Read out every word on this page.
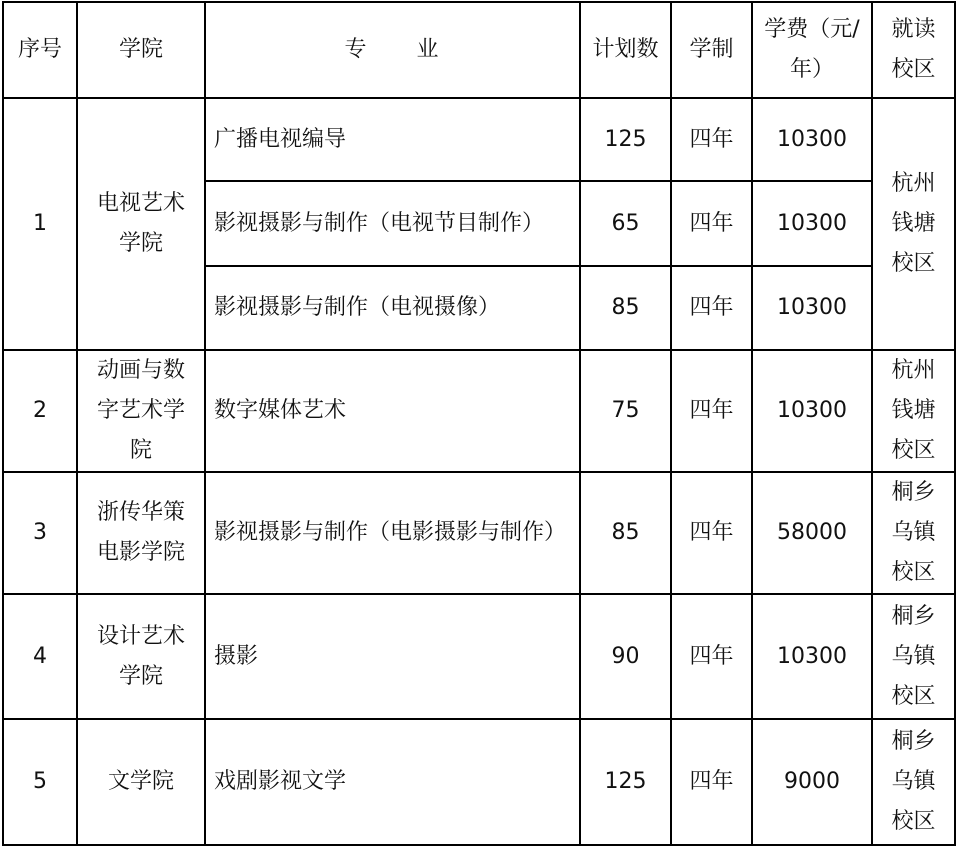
序号	学院	专　　业	计划数	学制	学费（元/年）	就读校区
1	电视艺术学院	广播电视编导	125	四年	10300	杭州钱塘校区
		影视摄影与制作（电视节目制作）	65	四年	10300	
		影视摄影与制作（电视摄像）	85	四年	10300	
2	动画与数字艺术学院	数字媒体艺术	75	四年	10300	杭州钱塘校区
3	浙传华策电影学院	影视摄影与制作（电影摄影与制作）	85	四年	58000	桐乡乌镇校区
4	设计艺术学院	摄影	90	四年	10300	桐乡乌镇校区
5	文学院	戏剧影视文学	125	四年	9000	桐乡乌镇校区
